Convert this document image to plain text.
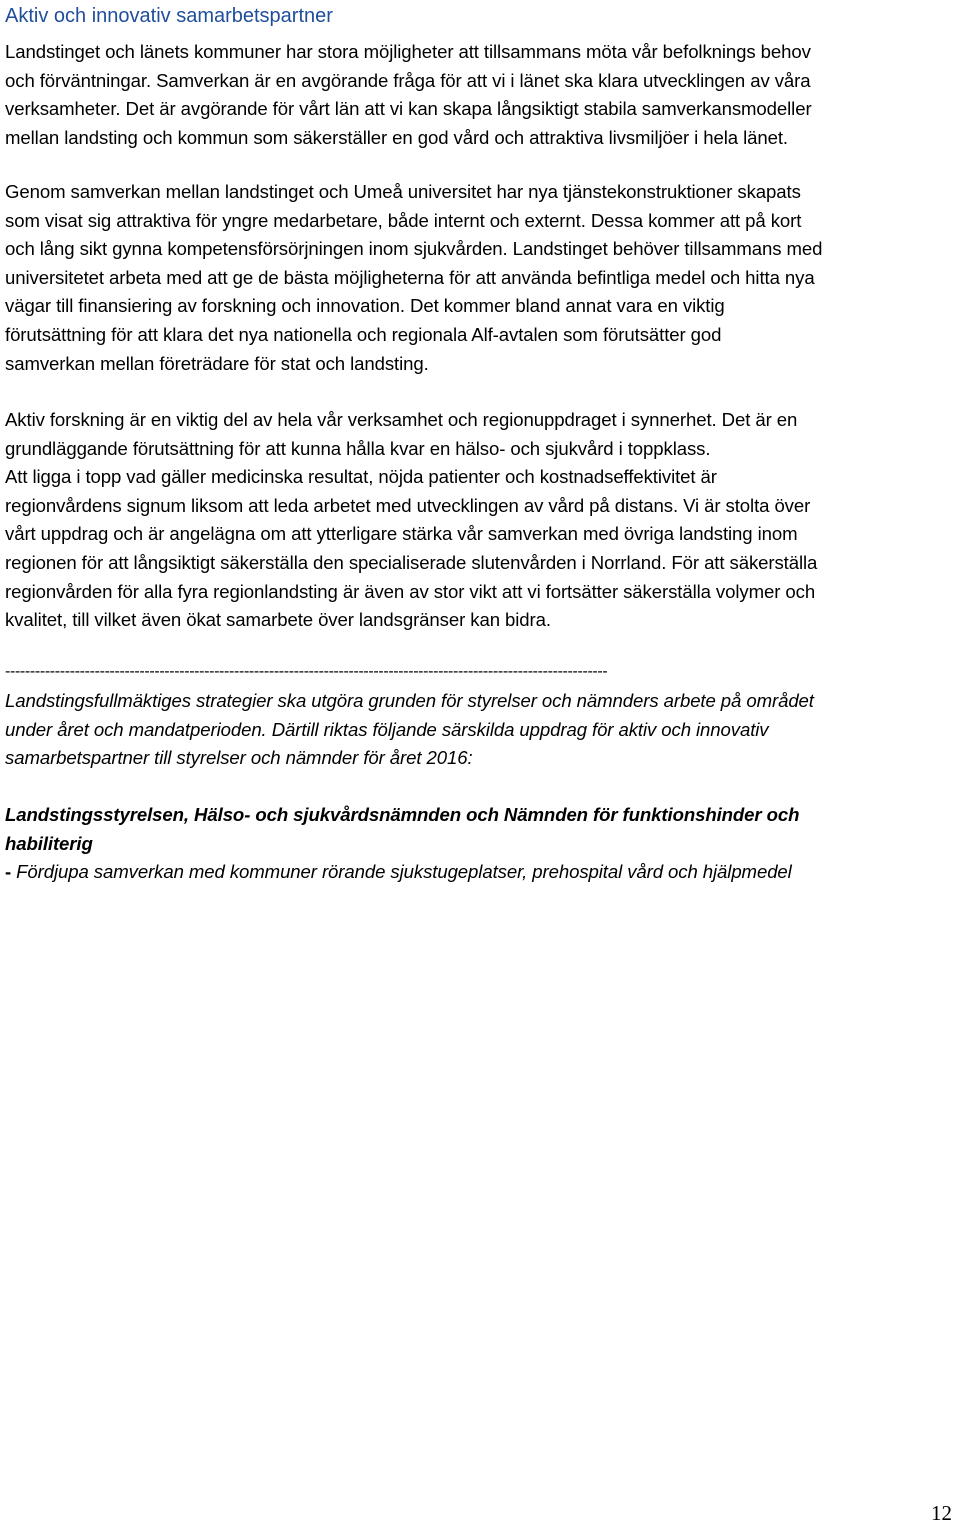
Aktiv och innovativ samarbetspartner

Landstinget och länets kommuner har stora möjligheter att tillsammans möta vår befolknings behov
och förväntningar. Samverkan är en avgörande fråga för att vi i länet ska klara utvecklingen av våra
verksamheter. Det är avgörande för vårt län att vi kan skapa långsiktigt stabila samverkansmodeller
mellan landsting och kommun som säkerställer en god vård och attraktiva livsmiljöer i hela länet.

Genom samverkan mellan landstinget och Umeå universitet har nya tjänstekonstruktioner skapats
som visat sig attraktiva för yngre medarbetare, både internt och externt. Dessa kommer att på kort
och lång sikt gynna kompetensförsörjningen inom sjukvården. Landstinget behöver tillsammans med
universitetet arbeta med att ge de bästa möjligheterna för att använda befintliga medel och hitta nya
vägar till finansiering av forskning och innovation. Det kommer bland annat vara en viktig
förutsättning för att klara det nya nationella och regionala Alf-avtalen som förutsätter god
samverkan mellan företrädare för stat och landsting.

Aktiv forskning är en viktig del av hela vår verksamhet och regionuppdraget i synnerhet. Det är en
grundläggande förutsättning för att kunna hålla kvar en hälso- och sjukvård i toppklass.
Att ligga i topp vad gäller medicinska resultat, nöjda patienter och kostnadseffektivitet är
regionvårdens signum liksom att leda arbetet med utvecklingen av vård på distans. Vi är stolta över
vårt uppdrag och är angelägna om att ytterligare stärka vår samverkan med övriga landsting inom
regionen för att långsiktigt säkerställa den specialiserade slutenvården i Norrland. För att säkerställa
regionvården för alla fyra regionlandsting är även av stor vikt att vi fortsätter säkerställa volymer och
kvalitet, till vilket även ökat samarbete över landsgränser kan bidra.

-------------------------------------------------------------------------------------------------------------------------

Landstingsfullmäktiges strategier ska utgöra grunden för styrelser och nämnders arbete på området
under året och mandatperioden. Därtill riktas följande särskilda uppdrag för aktiv och innovativ
samarbetspartner till styrelser och nämnder för året 2016:

Landstingsstyrelsen, Hälso- och sjukvårdsnämnden och Nämnden för funktionshinder och
habiliterig

- Fördjupa samverkan med kommuner rörande sjukstugeplatser, prehospital vård och hjälpmedel

12
